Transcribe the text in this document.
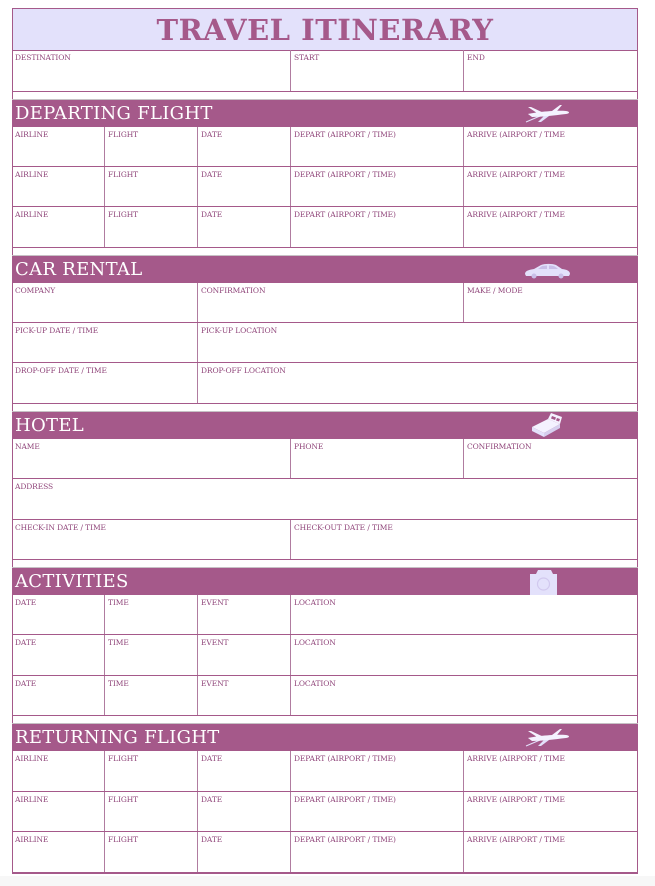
TRAVEL ITINERARY
DESTINATION	START	END
DEPARTING FLIGHT
AIRLINE	FLIGHT	DATE	DEPART (AIRPORT / TIME)	ARRIVE (AIRPORT / TIME
AIRLINE	FLIGHT	DATE	DEPART (AIRPORT / TIME)	ARRIVE (AIRPORT / TIME
AIRLINE	FLIGHT	DATE	DEPART (AIRPORT / TIME)	ARRIVE (AIRPORT / TIME
CAR RENTAL
COMPANY	CONFIRMATION	MAKE / MODE
PICK-UP DATE / TIME	PICK-UP LOCATION
DROP-OFF DATE / TIME	DROP-OFF LOCATION
HOTEL
NAME	PHONE	CONFIRMATION
ADDRESS
CHECK-IN DATE / TIME	CHECK-OUT DATE / TIME
ACTIVITIES
DATE	TIME	EVENT	LOCATION
DATE	TIME	EVENT	LOCATION
DATE	TIME	EVENT	LOCATION
RETURNING FLIGHT
AIRLINE	FLIGHT	DATE	DEPART (AIRPORT / TIME)	ARRIVE (AIRPORT / TIME
AIRLINE	FLIGHT	DATE	DEPART (AIRPORT / TIME)	ARRIVE (AIRPORT / TIME
AIRLINE	FLIGHT	DATE	DEPART (AIRPORT / TIME)	ARRIVE (AIRPORT / TIME
